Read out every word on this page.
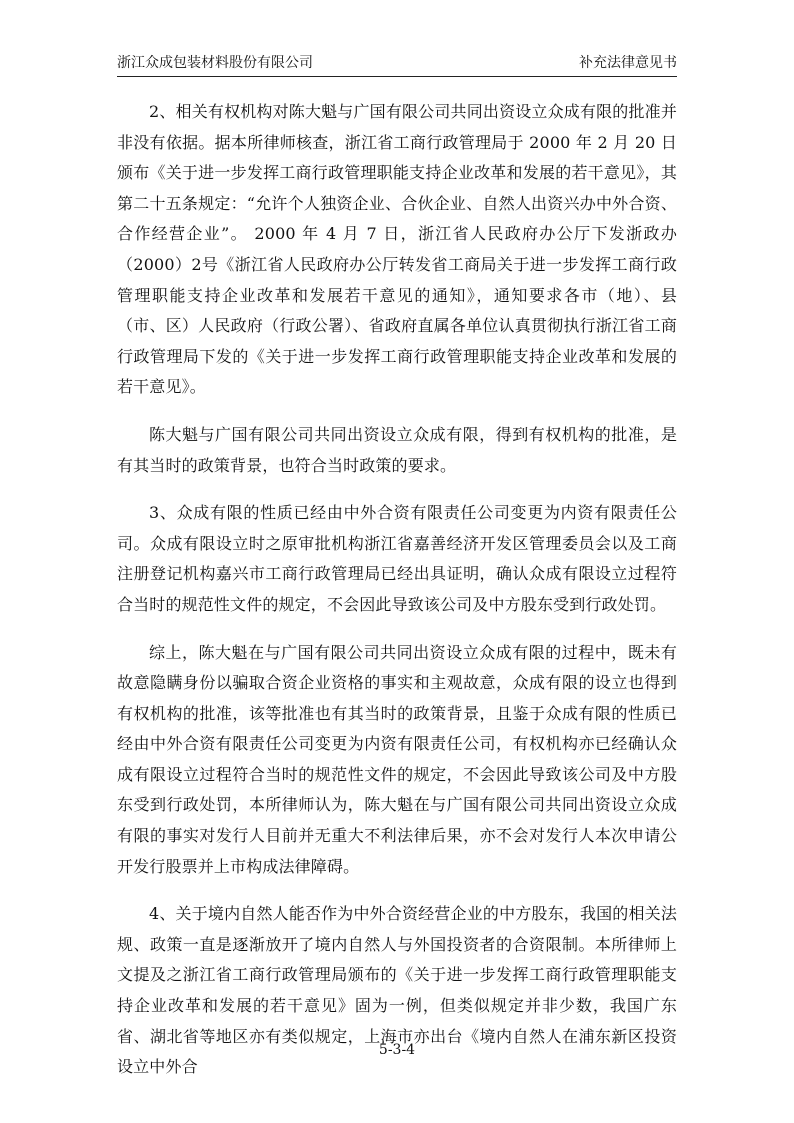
浙江众成包装材料股份有限公司	补充法律意见书

2、相关有权机构对陈大魁与广国有限公司共同出资设立众成有限的批准并非没有依据。据本所律师核查，浙江省工商行政管理局于 2000 年 2 月 20 日颁布《关于进一步发挥工商行政管理职能支持企业改革和发展的若干意见》，其第二十五条规定：“允许个人独资企业、合伙企业、自然人出资兴办中外合资、合作经营企业”。 2000 年 4 月 7 日，浙江省人民政府办公厅下发浙政办（2000）2号《浙江省人民政府办公厅转发省工商局关于进一步发挥工商行政管理职能支持企业改革和发展若干意见的通知》，通知要求各市（地）、县（市、区）人民政府（行政公署）、省政府直属各单位认真贯彻执行浙江省工商行政管理局下发的《关于进一步发挥工商行政管理职能支持企业改革和发展的若干意见》。

陈大魁与广国有限公司共同出资设立众成有限，得到有权机构的批准，是有其当时的政策背景，也符合当时政策的要求。

3、众成有限的性质已经由中外合资有限责任公司变更为内资有限责任公司。众成有限设立时之原审批机构浙江省嘉善经济开发区管理委员会以及工商注册登记机构嘉兴市工商行政管理局已经出具证明，确认众成有限设立过程符合当时的规范性文件的规定，不会因此导致该公司及中方股东受到行政处罚。

综上，陈大魁在与广国有限公司共同出资设立众成有限的过程中，既未有故意隐瞒身份以骗取合资企业资格的事实和主观故意，众成有限的设立也得到有权机构的批准，该等批准也有其当时的政策背景，且鉴于众成有限的性质已经由中外合资有限责任公司变更为内资有限责任公司，有权机构亦已经确认众成有限设立过程符合当时的规范性文件的规定，不会因此导致该公司及中方股东受到行政处罚，本所律师认为，陈大魁在与广国有限公司共同出资设立众成有限的事实对发行人目前并无重大不利法律后果，亦不会对发行人本次申请公开发行股票并上市构成法律障碍。

4、关于境内自然人能否作为中外合资经营企业的中方股东，我国的相关法规、政策一直是逐渐放开了境内自然人与外国投资者的合资限制。本所律师上文提及之浙江省工商行政管理局颁布的《关于进一步发挥工商行政管理职能支持企业改革和发展的若干意见》固为一例，但类似规定并非少数，我国广东省、湖北省等地区亦有类似规定，上海市亦出台《境内自然人在浦东新区投资设立中外合

5-3-4
